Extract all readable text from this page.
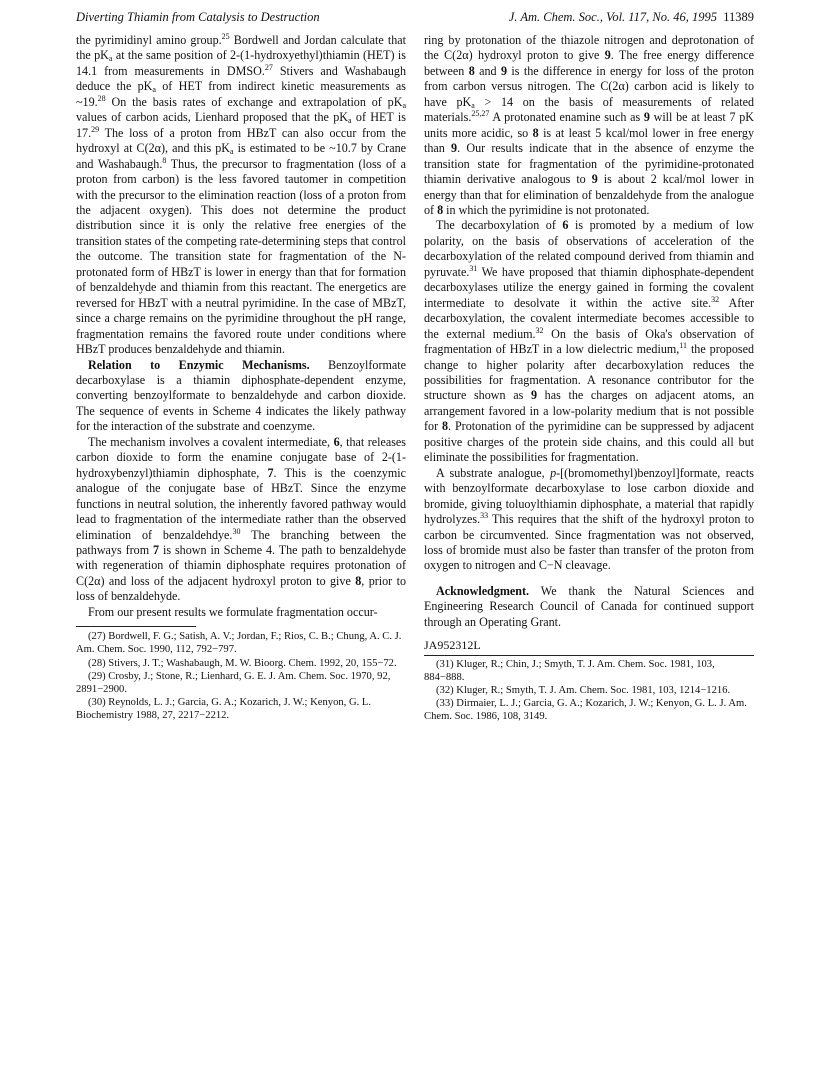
Diverting Thiamin from Catalysis to Destruction	J. Am. Chem. Soc., Vol. 117, No. 46, 1995 11389

the pyrimidinyl amino group.$^{25}$ Bordwell and Jordan calculate that the $pK_a$ at the same position of 2-(1-hydroxyethyl)thiamin (HET) is 14.1 from measurements in DMSO.$^{27}$ Stivers and Washabaugh deduce the $pK_a$ of HET from indirect kinetic measurements as ~19.28 On the basis rates of exchange and extrapolation of $pK_a$ values of carbon acids, Lienhard proposed that the $pK_a$ of HET is 17.29 The loss of a proton from HBzT can also occur from the hydroxyl at C(2α), and this $pK_a$ is estimated to be ~10.7 by Crane and Washabaugh.$^8$ Thus, the precursor to fragmentation (loss of a proton from carbon) is the less favored tautomer in competition with the precursor to the elimination reaction (loss of a proton from the adjacent oxygen). This does not determine the product distribution since it is only the relative free energies of the transition states of the competing rate-determining steps that control the outcome. The transition state for fragmentation of the N-protonated form of HBzT is lower in energy than that for formation of benzaldehyde and thiamin from this reactant. The energetics are reversed for HBzT with a neutral pyrimidine. In the case of MBzT, since a charge remains on the pyrimidine throughout the pH range, fragmentation remains the favored route under conditions where HBzT produces benzaldehyde and thiamin.

Relation to Enzymic Mechanisms. Benzoylformate decarboxylase is a thiamin diphosphate-dependent enzyme, converting benzoylformate to benzaldehyde and carbon dioxide. The sequence of events in Scheme 4 indicates the likely pathway for the interaction of the substrate and coenzyme.

The mechanism involves a covalent intermediate, 6, that releases carbon dioxide to form the enamine conjugate base of 2-(1-hydroxybenzyl)thiamin diphosphate, 7. This is the coenzymic analogue of the conjugate base of HBzT. Since the enzyme functions in neutral solution, the inherently favored pathway would lead to fragmentation of the intermediate rather than the observed elimination of benzaldehdye.$^{30}$ The branching between the pathways from 7 is shown in Scheme 4. The path to benzaldehyde with regeneration of thiamin diphosphate requires protonation of C(2α) and loss of the adjacent hydroxyl proton to give 8, prior to loss of benzaldehyde.

From our present results we formulate fragmentation occur-

(27) Bordwell, F. G.; Satish, A. V.; Jordan, F.; Rios, C. B.; Chung, A. C. J. Am. Chem. Soc. 1990, 112, 792−797.

(28) Stivers, J. T.; Washabaugh, M. W. Bioorg. Chem. 1992, 20, 155−72.

(29) Crosby, J.; Stone, R.; Lienhard, G. E. J. Am. Chem. Soc. 1970, 92, 2891−2900.

(30) Reynolds, L. J.; Garcia, G. A.; Kozarich, J. W.; Kenyon, G. L. Biochemistry 1988, 27, 2217−2212.

ring by protonation of the thiazole nitrogen and deprotonation of the C(2α) hydroxyl proton to give 9. The free energy difference between 8 and 9 is the difference in energy for loss of the proton from carbon versus nitrogen. The C(2α) carbon acid is likely to have $pK_a > 14$ on the basis of measurements of related materials.$^{25,27}$ A protonated enamine such as 9 will be at least 7 pK units more acidic, so 8 is at least 5 kcal/mol lower in free energy than 9. Our results indicate that in the absence of enzyme the transition state for fragmentation of the pyrimidine-protonated thiamin derivative analogous to 9 is about 2 kcal/mol lower in energy than that for elimination of benzaldehyde from the analogue of 8 in which the pyrimidine is not protonated.

The decarboxylation of 6 is promoted by a medium of low polarity, on the basis of observations of acceleration of the decarboxylation of the related compound derived from thiamin and pyruvate.$^{31}$ We have proposed that thiamin diphosphate-dependent decarboxylases utilize the energy gained in forming the covalent intermediate to desolvate it within the active site.$^{32}$ After decarboxylation, the covalent intermediate becomes accessible to the external medium.$^{32}$ On the basis of Oka's observation of fragmentation of HBzT in a low dielectric medium,$^{11}$ the proposed change to higher polarity after decarboxylation reduces the possibilities for fragmentation. A resonance contributor for the structure shown as 9 has the charges on adjacent atoms, an arrangement favored in a low-polarity medium that is not possible for 8. Protonation of the pyrimidine can be suppressed by adjacent positive charges of the protein side chains, and this could all but eliminate the possibilities for fragmentation.

A substrate analogue, p-[(bromomethyl)benzoyl]formate, reacts with benzoylformate decarboxylase to lose carbon dioxide and bromide, giving toluoylthiamin diphosphate, a material that rapidly hydrolyzes.$^{33}$ This requires that the shift of the hydroxyl proton to carbon be circumvented. Since fragmentation was not observed, loss of bromide must also be faster than transfer of the proton from oxygen to nitrogen and C−N cleavage.

Acknowledgment. We thank the Natural Sciences and Engineering Research Council of Canada for continued support through an Operating Grant.

JA952312L

(31) Kluger, R.; Chin, J.; Smyth, T. J. Am. Chem. Soc. 1981, 103, 884−888.

(32) Kluger, R.; Smyth, T. J. Am. Chem. Soc. 1981, 103, 1214−1216.

(33) Dirmaier, L. J.; Garcia, G. A.; Kozarich, J. W.; Kenyon, G. L. J. Am. Chem. Soc. 1986, 108, 3149.
